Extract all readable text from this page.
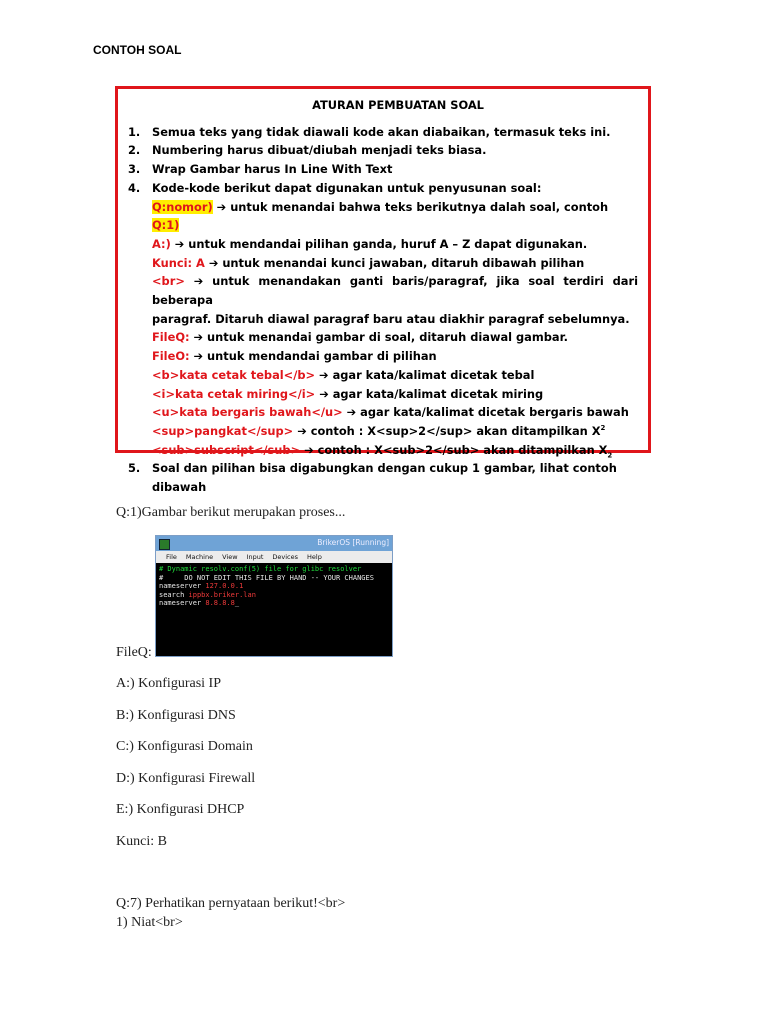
CONTOH SOAL
ATURAN PEMBUATAN SOAL
1.	Semua teks yang tidak diawali kode akan diabaikan, termasuk teks ini.
2.	Numbering harus dibuat/diubah menjadi teks biasa.
3.	Wrap Gambar harus In Line With Text
4.	Kode-kode berikut dapat digunakan untuk penyusunan soal:
Q:nomor) ➔ untuk menandai bahwa teks berikutnya dalah soal, contoh Q:1)
A:) ➔ untuk mendandai pilihan ganda, huruf A – Z dapat digunakan.
Kunci: A ➔ untuk menandai kunci jawaban, ditaruh dibawah pilihan
<br> ➔ untuk menandakan ganti baris/paragraf, jika soal terdiri dari beberapa
paragraf. Ditaruh diawal paragraf baru atau diakhir paragraf sebelumnya.
FileQ: ➔ untuk menandai gambar di soal, ditaruh diawal gambar.
FileO: ➔ untuk mendandai gambar di pilihan
<b>kata cetak tebal</b> ➔ agar kata/kalimat dicetak tebal
<i>kata cetak miring</i> ➔ agar kata/kalimat dicetak miring
<u>kata bergaris bawah</u> ➔ agar kata/kalimat dicetak bergaris bawah
<sup>pangkat</sup> ➔ contoh : X<sup>2</sup> akan ditampilkan $X^2$
<sub>subscript</sub> ➔ contoh : X<sub>2</sub> akan ditampilkan $X_2$
5.	Soal dan pilihan bisa digabungkan dengan cukup 1 gambar, lihat contoh dibawah
Q:1)Gambar berikut merupakan proses...
BrikerOS [Running]
File Machine View Input Devices Help
# Dynamic resolv.conf(5) file for glibc resolver
#     DO NOT EDIT THIS FILE BY HAND -- YOUR CHANGES
nameserver 127.0.0.1
search ippbx.briker.lan
nameserver 8.8.8.8_
FileQ:
A:) Konfigurasi IP
B:) Konfigurasi DNS
C:) Konfigurasi Domain
D:) Konfigurasi Firewall
E:) Konfigurasi DHCP
Kunci: B
Q:7) Perhatikan pernyataan berikut!<br>
1) Niat<br>
